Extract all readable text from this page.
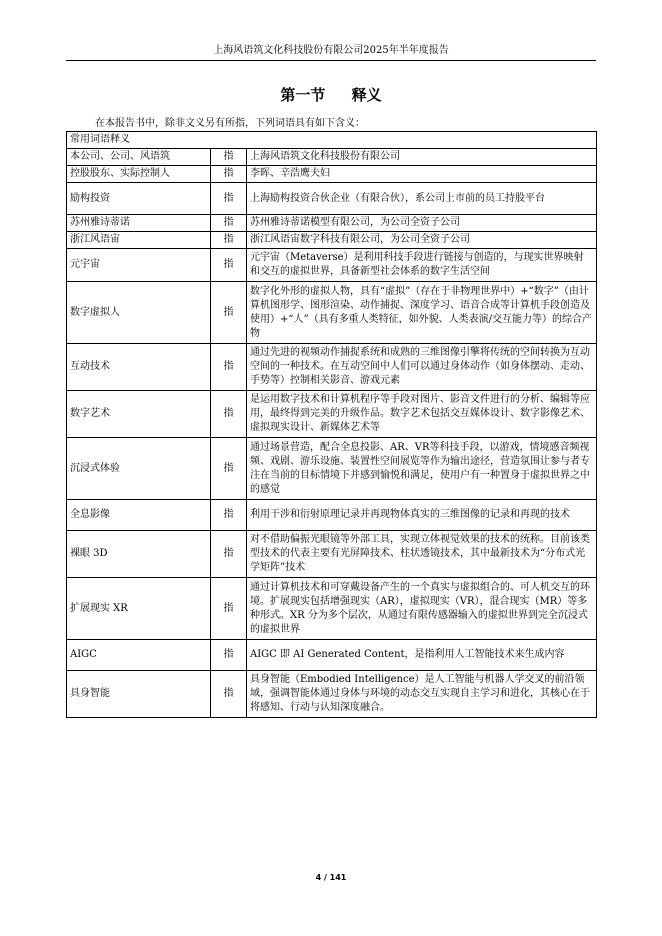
上海风语筑文化科技股份有限公司2025年半年度报告
第一节 释义
在本报告书中，除非文义另有所指，下列词语具有如下含义：
常用词语释义		
本公司、公司、风语筑	指	上海风语筑文化科技股份有限公司
控股股东、实际控制人	指	李晖、辛浩鹰夫妇
励构投资	指	上海励构投资合伙企业（有限合伙），系公司上市前的员工持股平台
苏州雅诗蒂诺	指	苏州雅诗蒂诺模型有限公司，为公司全资子公司
浙江风语宙	指	浙江风语宙数字科技有限公司，为公司全资子公司
元宇宙	指	元宇宙（Metaverse）是利用科技手段进行链接与创造的，与现实世界映射和交互的虚拟世界，具备新型社会体系的数字生活空间
数字虚拟人	指	数字化外形的虚拟人物，具有“虚拟”（存在于非物理世界中）+“数字”（由计算机图形学、图形渲染、动作捕捉、深度学习、语音合成等计算机手段创造及使用）+“人”（具有多重人类特征，如外貌、人类表演/交互能力等）的综合产物
互动技术	指	通过先进的视频动作捕捉系统和成熟的三维图像引擎将传统的空间转换为互动空间的一种技术。在互动空间中人们可以通过身体动作（如身体摆动、走动、手势等）控制相关影音、游戏元素
数字艺术	指	是运用数字技术和计算机程序等手段对图片、影音文件进行的分析、编辑等应用，最终得到完美的升级作品。数字艺术包括交互媒体设计、数字影像艺术、虚拟现实设计、新媒体艺术等
沉浸式体验	指	通过场景营造，配合全息投影、AR、VR等科技手段，以游戏，情境感音频视频、戏剧、游乐设施、装置性空间展览等作为输出途径，营造氛围让参与者专注在当前的目标情境下并感到愉悦和满足，使用户有一种置身于虚拟世界之中的感觉
全息影像	指	利用干涉和衍射原理记录并再现物体真实的三维图像的记录和再现的技术
裸眼 3D	指	对不借助偏振光眼镜等外部工具，实现立体视觉效果的技术的统称。目前该类型技术的代表主要有光屏障技术、柱状透镜技术，其中最新技术为“分布式光学矩阵”技术
扩展现实 XR	指	通过计算机技术和可穿戴设备产生的一个真实与虚拟组合的、可人机交互的环境。扩展现实包括增强现实（AR），虚拟现实（VR），混合现实（MR）等多种形式。XR 分为多个层次，从通过有限传感器输入的虚拟世界到完全沉浸式的虚拟世界
AIGC	指	AIGC 即 AI Generated Content，是指利用人工智能技术来生成内容
具身智能	指	具身智能（Embodied Intelligence）是人工智能与机器人学交叉的前沿领域，强调智能体通过身体与环境的动态交互实现自主学习和进化，其核心在于将感知、行动与认知深度融合。
4 / 141
